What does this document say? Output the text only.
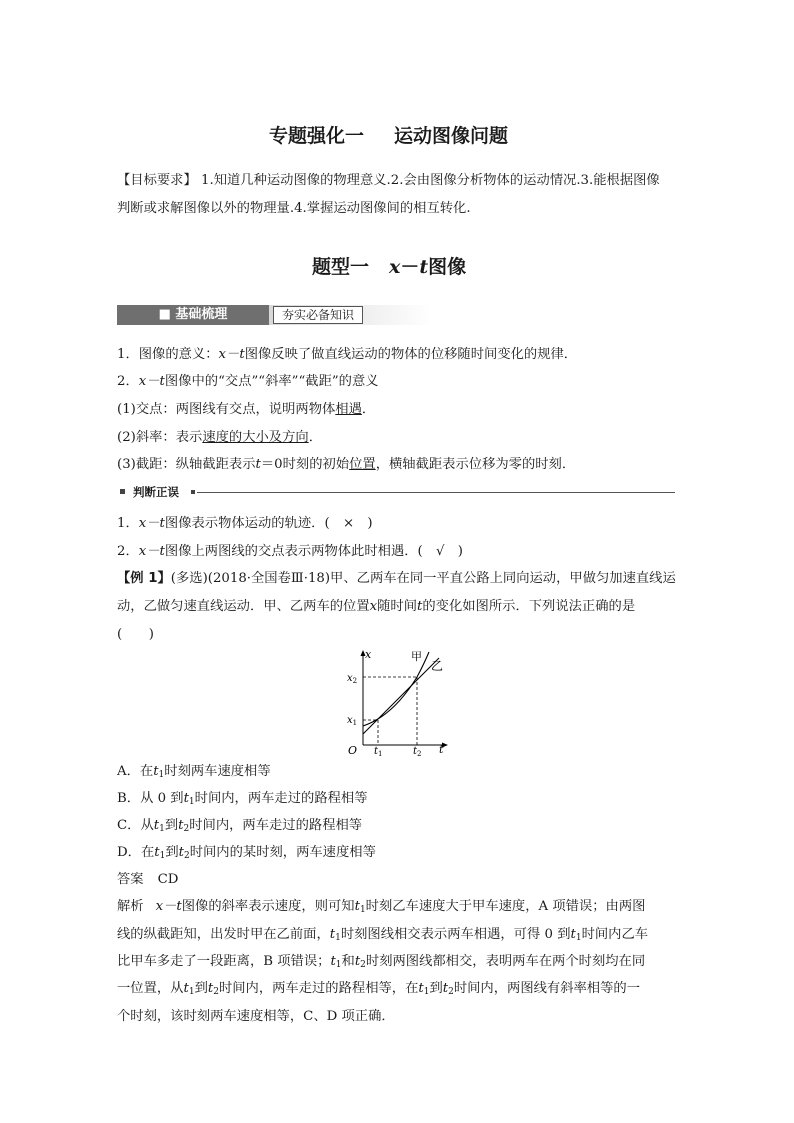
专题强化一 运动图像问题
【目标要求】 1.知道几种运动图像的物理意义.2.会由图像分析物体的运动情况.3.能根据图像
判断或求解图像以外的物理量.4.掌握运动图像间的相互转化.
题型一 x－t图像
■ 基础梳理	夯实必备知识
1．图像的意义：x－t图像反映了做直线运动的物体的位移随时间变化的规律．
2．x－t图像中的“交点”“斜率”“截距”的意义
(1)交点：两图线有交点，说明两物体相遇．
(2)斜率：表示速度的大小及方向．
(3)截距：纵轴截距表示t＝0时刻的初始位置，横轴截距表示位移为零的时刻．
判断正误
1．x－t图像表示物体运动的轨迹．(　×　)
2．x－t图像上两图线的交点表示两物体此时相遇．(　√　)
【例 1】(多选)(2018·全国卷Ⅲ·18)甲、乙两车在同一平直公路上同向运动，甲做匀加速直线运
动，乙做匀速直线运动．甲、乙两车的位置x随时间t的变化如图所示．下列说法正确的是
(　　)
x
t
O
$x_2$
$x_1$
$t_1$	$t_2$
甲
乙
A．在$t_1$时刻两车速度相等
B．从 0 到$t_1$时间内，两车走过的路程相等
C．从$t_1$到$t_2$时间内，两车走过的路程相等
D．在$t_1$到$t_2$时间内的某时刻，两车速度相等
答案 CD
解析 x－t图像的斜率表示速度，则可知$t_1$时刻乙车速度大于甲车速度，A 项错误；由两图
线的纵截距知，出发时甲在乙前面，$t_1$时刻图线相交表示两车相遇，可得 0 到$t_1$时间内乙车
比甲车多走了一段距离，B 项错误；$t_1$和$t_2$时刻两图线都相交，表明两车在两个时刻均在同
一位置，从$t_1$到$t_2$时间内，两车走过的路程相等，在$t_1$到$t_2$时间内，两图线有斜率相等的一
个时刻，该时刻两车速度相等，C、D 项正确．
